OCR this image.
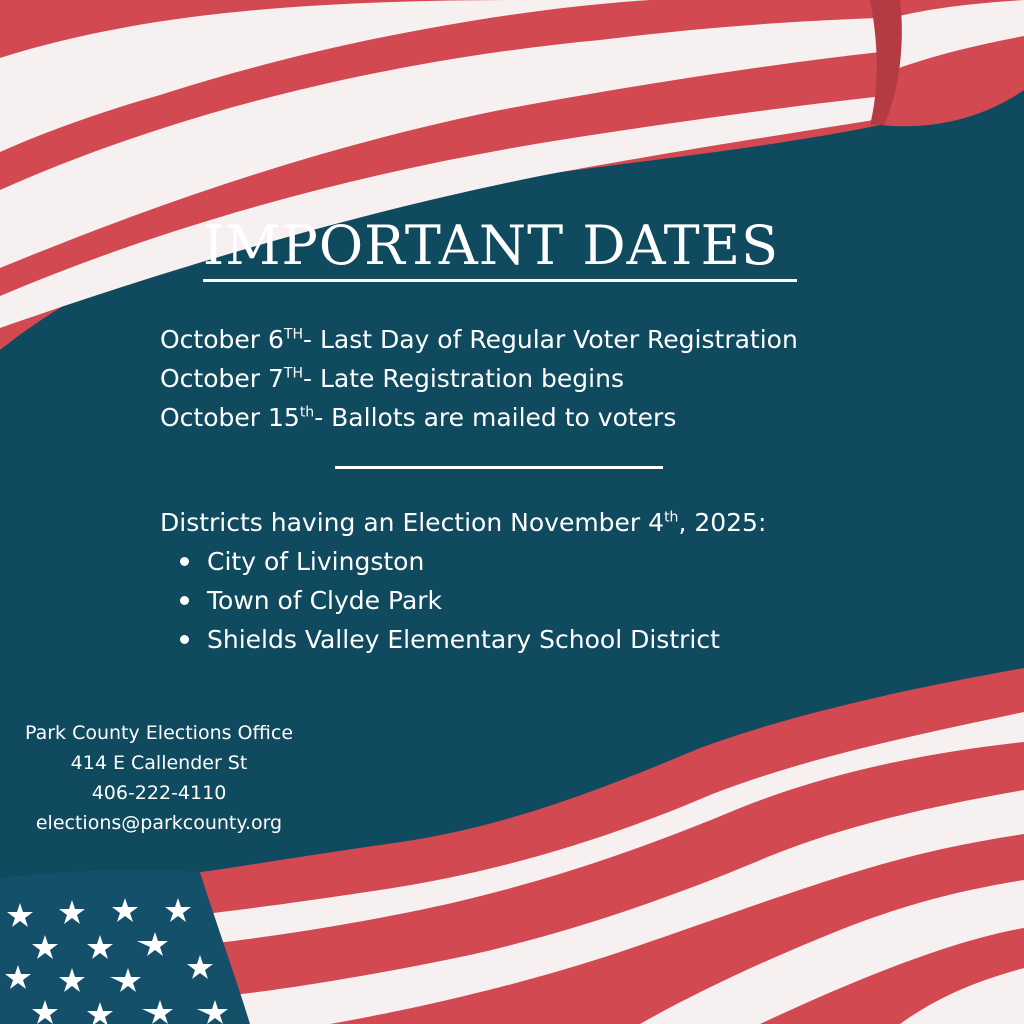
IMPORTANT DATES

October 6TH- Last Day of Regular Voter Registration

October 7TH- Late Registration begins

October 15th- Ballots are mailed to voters

Districts having an Election November 4th, 2025:

City of Livingston
Town of Clyde Park
Shields Valley Elementary School District

Park County Elections Office

414 E Callender St

406-222-4110

elections@parkcounty.org
